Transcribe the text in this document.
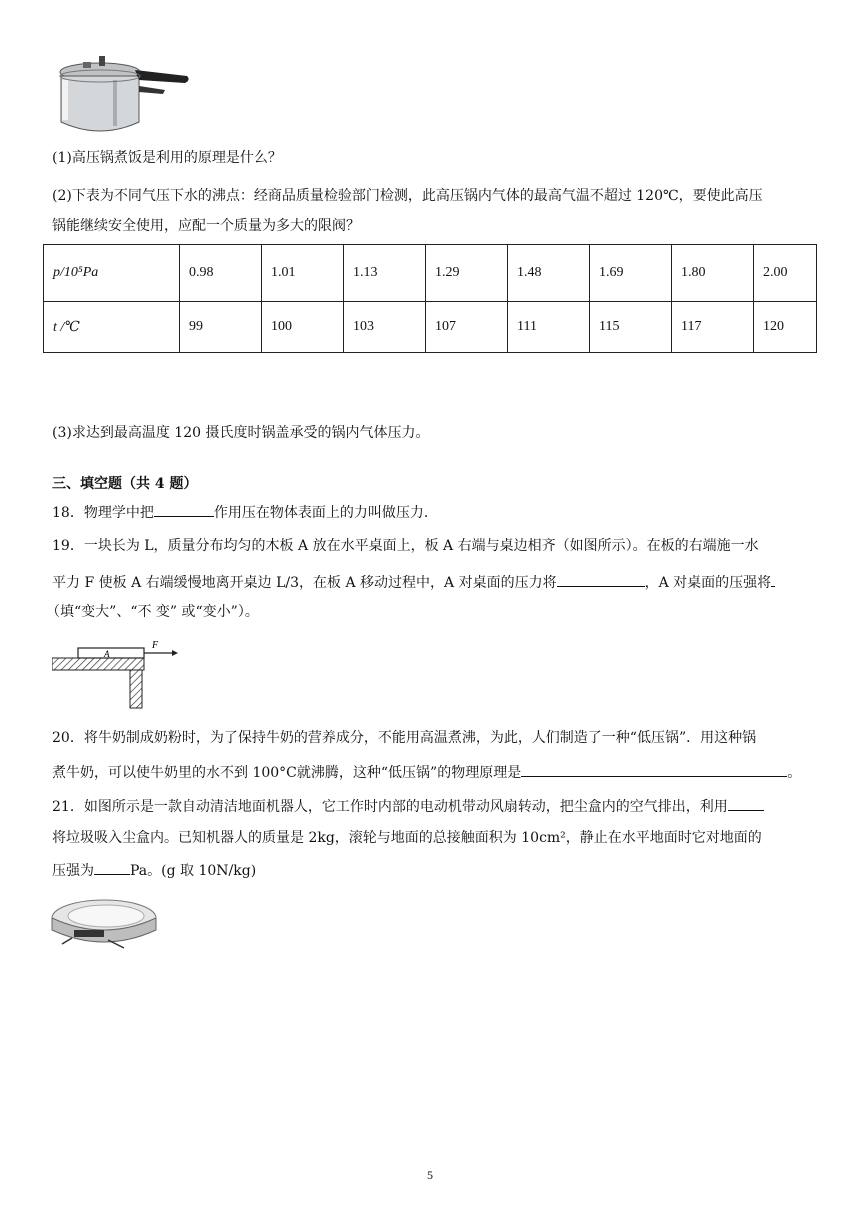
(1)高压锅煮饭是利用的原理是什么？
(2)下表为不同气压下水的沸点：经商品质量检验部门检测，此高压锅内气体的最高气温不超过 120℃，要使此高压
锅能继续安全使用，应配一个质量为多大的限阀？
p/10⁵Pa	0.98	1.01	1.13	1.29	1.48	1.69	1.80	2.00
t /℃	99	100	103	107	111	115	117	120
(3)求达到最高温度 120 摄氏度时锅盖承受的锅内气体压力。
三、填空题（共 4 题）
18．物理学中把	作用压在物体表面上的力叫做压力.
19．一块长为 L，质量分布均匀的木板 A 放在水平桌面上，板 A 右端与桌边相齐（如图所示）。在板的右端施一水
平力 F 使板 A 右端缓慢地离开桌边 L/3，在板 A 移动过程中，A 对桌面的压力将	，A 对桌面的压强将
（填“变大”、“不 变” 或“变小”）。
A
F
20．将牛奶制成奶粉时，为了保持牛奶的营养成分，不能用高温煮沸，为此，人们制造了一种“低压锅”．用这种锅
煮牛奶，可以使牛奶里的水不到 100°C就沸腾，这种“低压锅”的物理原理是	。
21．如图所示是一款自动清洁地面机器人，它工作时内部的电动机带动风扇转动，把尘盒内的空气排出，利用
将垃圾吸入尘盒内。已知机器人的质量是 2kg，滚轮与地面的总接触面积为 10cm²，静止在水平地面时它对地面的
压强为	Pa。(g 取 10N/kg)
5
